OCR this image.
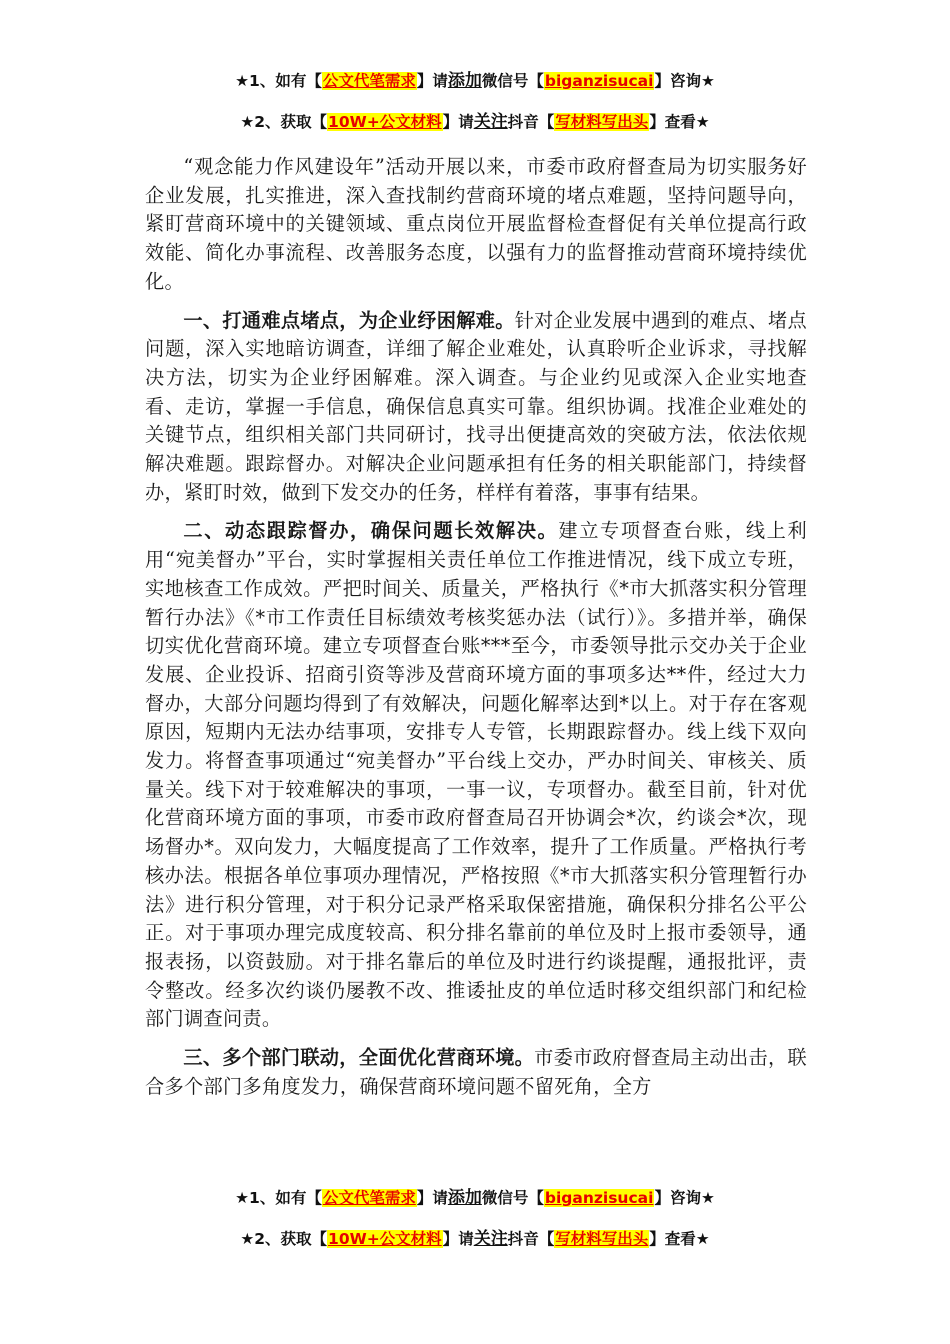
★1、如有【公文代笔需求】请添加微信号【biganzisucai】咨询★
★2、获取【10W+公文材料】请关注抖音【写材料写出头】查看★

“观念能力作风建设年”活动开展以来，市委市政府督查局为切实服务好企业发展，扎实推进，深入查找制约营商环境的堵点难题，坚持问题导向，紧盯营商环境中的关键领域、重点岗位开展监督检查督促有关单位提高行政效能、简化办事流程、改善服务态度，以强有力的监督推动营商环境持续优化。

一、打通难点堵点，为企业纾困解难。针对企业发展中遇到的难点、堵点问题，深入实地暗访调查，详细了解企业难处，认真聆听企业诉求，寻找解决方法，切实为企业纾困解难。深入调查。与企业约见或深入企业实地查看、走访，掌握一手信息，确保信息真实可靠。组织协调。找准企业难处的关键节点，组织相关部门共同研讨，找寻出便捷高效的突破方法，依法依规解决难题。跟踪督办。对解决企业问题承担有任务的相关职能部门，持续督办，紧盯时效，做到下发交办的任务，样样有着落，事事有结果。

二、动态跟踪督办，确保问题长效解决。建立专项督查台账，线上利用“宛美督办”平台，实时掌握相关责任单位工作推进情况，线下成立专班，实地核查工作成效。严把时间关、质量关，严格执行《*市大抓落实积分管理暂行办法》《*市工作责任目标绩效考核奖惩办法（试行）》。多措并举，确保切实优化营商环境。建立专项督查台账***至今，市委领导批示交办关于企业发展、企业投诉、招商引资等涉及营商环境方面的事项多达**件，经过大力督办，大部分问题均得到了有效解决，问题化解率达到*以上。对于存在客观原因，短期内无法办结事项，安排专人专管，长期跟踪督办。线上线下双向发力。将督查事项通过“宛美督办”平台线上交办，严办时间关、审核关、质量关。线下对于较难解决的事项，一事一议，专项督办。截至目前，针对优化营商环境方面的事项，市委市政府督查局召开协调会*次，约谈会*次，现场督办*。双向发力，大幅度提高了工作效率，提升了工作质量。严格执行考核办法。根据各单位事项办理情况，严格按照《*市大抓落实积分管理暂行办法》进行积分管理，对于积分记录严格采取保密措施，确保积分排名公平公正。对于事项办理完成度较高、积分排名靠前的单位及时上报市委领导，通报表扬，以资鼓励。对于排名靠后的单位及时进行约谈提醒，通报批评，责令整改。经多次约谈仍屡教不改、推诿扯皮的单位适时移交组织部门和纪检部门调查问责。

三、多个部门联动，全面优化营商环境。市委市政府督查局主动出击，联合多个部门多角度发力，确保营商环境问题不留死角，全方

★1、如有【公文代笔需求】请添加微信号【biganzisucai】咨询★
★2、获取【10W+公文材料】请关注抖音【写材料写出头】查看★
